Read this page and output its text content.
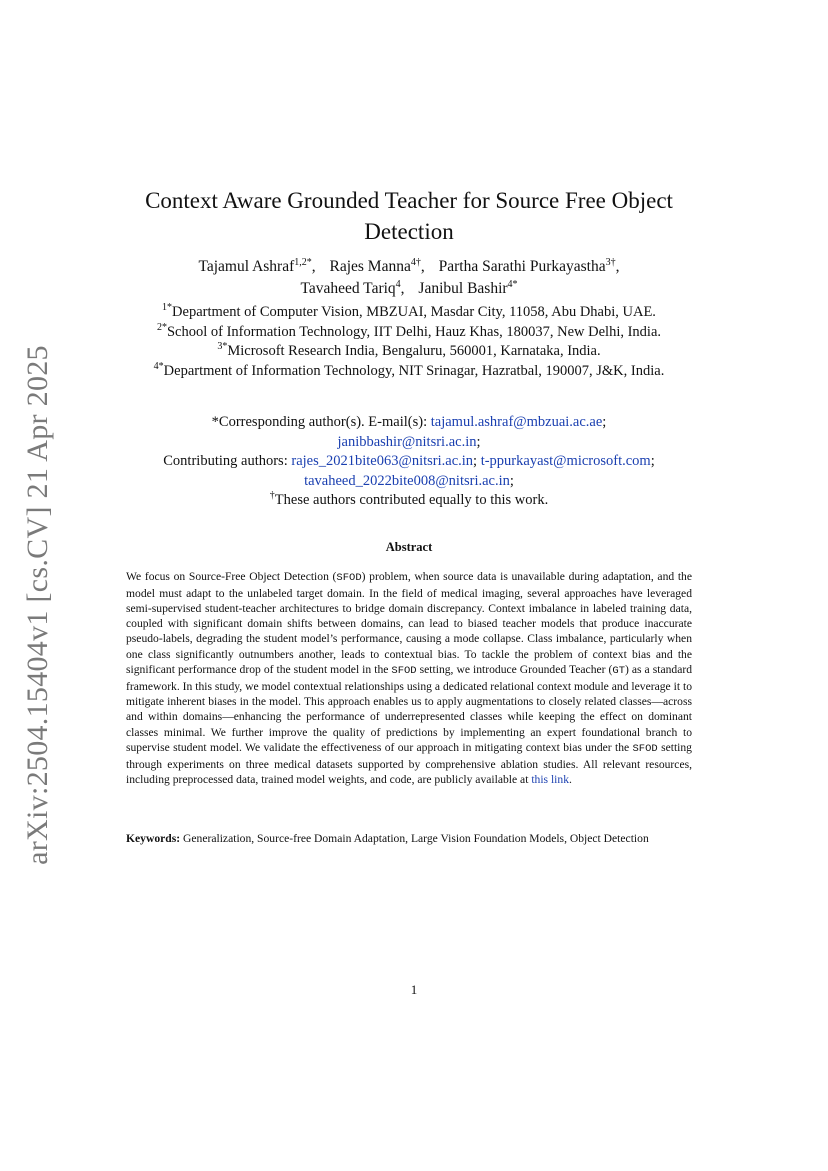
arXiv:2504.15404v1 [cs.CV] 21 Apr 2025
Context Aware Grounded Teacher for Source Free Object Detection
Tajamul Ashraf$^{1,2*}$, Rajes Manna$^{4\dagger}$, Partha Sarathi Purkayastha$^{3\dagger}$,
Tavaheed Tariq$^4$, Janibul Bashir$^{4*}$
$^{1*}$Department of Computer Vision, MBZUAI, Masdar City, 11058, Abu Dhabi, UAE.
$^{2*}$School of Information Technology, IIT Delhi, Hauz Khas, 180037, New Delhi, India.
$^{3*}$Microsoft Research India, Bengaluru, 560001, Karnataka, India.
$^{4*}$Department of Information Technology, NIT Srinagar, Hazratbal, 190007, J&K, India.
*Corresponding author(s). E-mail(s): tajamul.ashraf@mbzuai.ac.ae;
janibbashir@nitsri.ac.in;
Contributing authors: rajes_2021bite063@nitsri.ac.in; t-ppurkayast@microsoft.com;
tavaheed_2022bite008@nitsri.ac.in;
†These authors contributed equally to this work.
Abstract

We focus on Source-Free Object Detection (SFOD) problem, when source data is unavailable during adaptation, and the model must adapt to the unlabeled target domain. In the field of medical imaging, several approaches have leveraged semi-supervised student-teacher architectures to bridge domain discrepancy. Context imbalance in labeled training data, coupled with significant domain shifts between domains, can lead to biased teacher models that produce inaccurate pseudo-labels, degrading the student model’s performance, causing a mode collapse. Class imbalance, particularly when one class significantly outnumbers another, leads to contextual bias. To tackle the problem of context bias and the significant performance drop of the student model in the SFOD setting, we introduce Grounded Teacher (GT) as a standard framework. In this study, we model contextual relationships using a dedicated relational context module and leverage it to mitigate inherent biases in the model. This approach enables us to apply augmentations to closely related classes—across and within domains—enhancing the performance of underrepresented classes while keeping the effect on dominant classes minimal. We further improve the quality of predictions by implementing an expert foundational branch to supervise student model. We validate the effectiveness of our approach in mitigating context bias under the SFOD setting through experiments on three medical datasets supported by comprehensive ablation studies. All relevant resources, including preprocessed data, trained model weights, and code, are publicly available at this link.

Keywords: Generalization, Source-free Domain Adaptation, Large Vision Foundation Models, Object Detection
1
